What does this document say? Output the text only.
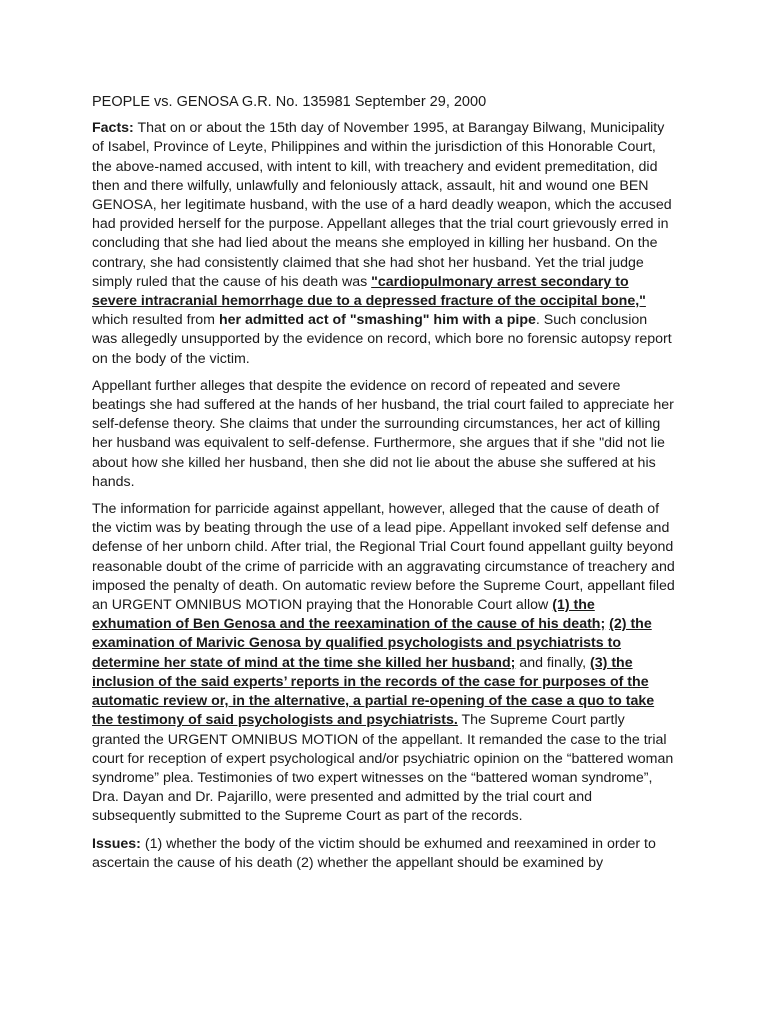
PEOPLE vs. GENOSA G.R. No. 135981 September 29, 2000

Facts: That on or about the 15th day of November 1995, at Barangay Bilwang, Municipality of Isabel, Province of Leyte, Philippines and within the jurisdiction of this Honorable Court, the above-named accused, with intent to kill, with treachery and evident premeditation, did then and there wilfully, unlawfully and feloniously attack, assault, hit and wound one BEN GENOSA, her legitimate husband, with the use of a hard deadly weapon, which the accused had provided herself for the purpose. Appellant alleges that the trial court grievously erred in concluding that she had lied about the means she employed in killing her husband. On the contrary, she had consistently claimed that she had shot her husband. Yet the trial judge simply ruled that the cause of his death was "cardiopulmonary arrest secondary to severe intracranial hemorrhage due to a depressed fracture of the occipital bone," which resulted from her admitted act of "smashing" him with a pipe. Such conclusion was allegedly unsupported by the evidence on record, which bore no forensic autopsy report on the body of the victim.

Appellant further alleges that despite the evidence on record of repeated and severe beatings she had suffered at the hands of her husband, the trial court failed to appreciate her self-defense theory. She claims that under the surrounding circumstances, her act of killing her husband was equivalent to self-defense. Furthermore, she argues that if she "did not lie about how she killed her husband, then she did not lie about the abuse she suffered at his hands.

The information for parricide against appellant, however, alleged that the cause of death of the victim was by beating through the use of a lead pipe. Appellant invoked self defense and defense of her unborn child. After trial, the Regional Trial Court found appellant guilty beyond reasonable doubt of the crime of parricide with an aggravating circumstance of treachery and imposed the penalty of death. On automatic review before the Supreme Court, appellant filed an URGENT OMNIBUS MOTION praying that the Honorable Court allow (1) the exhumation of Ben Genosa and the reexamination of the cause of his death; (2) the examination of Marivic Genosa by qualified psychologists and psychiatrists to determine her state of mind at the time she killed her husband; and finally, (3) the inclusion of the said experts’ reports in the records of the case for purposes of the automatic review or, in the alternative, a partial re-opening of the case a quo to take the testimony of said psychologists and psychiatrists. The Supreme Court partly granted the URGENT OMNIBUS MOTION of the appellant. It remanded the case to the trial court for reception of expert psychological and/or psychiatric opinion on the “battered woman syndrome” plea. Testimonies of two expert witnesses on the “battered woman syndrome”, Dra. Dayan and Dr. Pajarillo, were presented and admitted by the trial court and subsequently submitted to the Supreme Court as part of the records.

Issues: (1) whether the body of the victim should be exhumed and reexamined in order to ascertain the cause of his death (2) whether the appellant should be examined by
